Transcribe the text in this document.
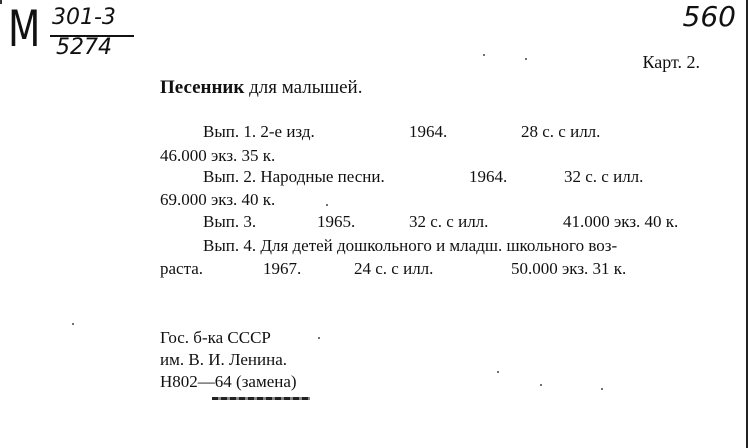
М 301-3
5274
560
Карт. 2.
Песенник для малышей.
Вып. 1. 2-е изд.	1964.	28 с. с илл.
46.000 экз. 35 к.
Вып. 2. Народные песни.	1964.	32 с. с илл.
69.000 экз. 40 к.
Вып. 3.	1965.	32 с. с илл.	41.000 экз. 40 к.
Вып. 4. Для детей дошкольного и младш. школьного воз-
раста.	1967.	24 с. с илл.	50.000 экз. 31 к.
Гос. б-ка СССР
им. В. И. Ленина.
Н802—64 (замена)
